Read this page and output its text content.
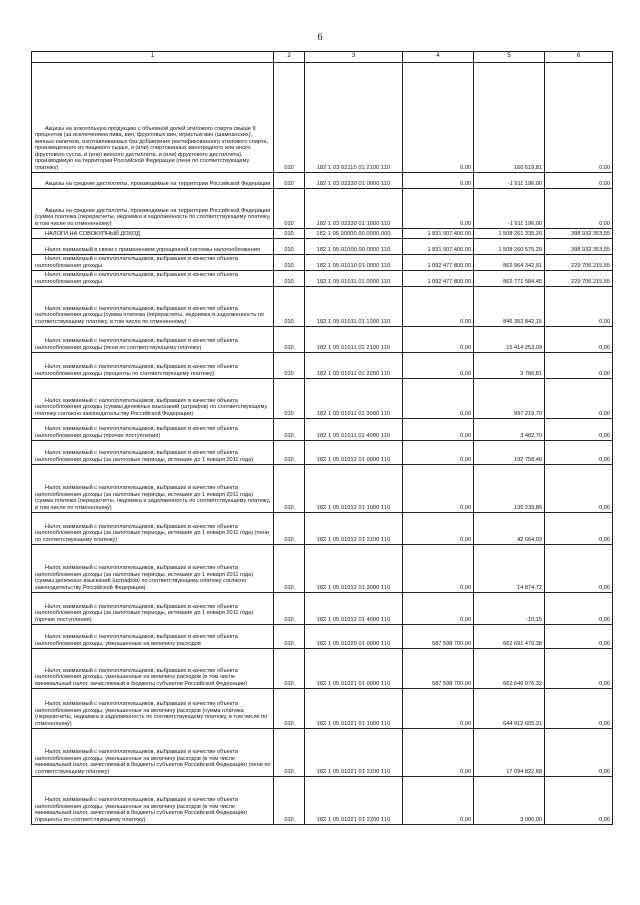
6
1	2	3	4	5	6

Акцизы на алкогольную продукцию с объемной долей этилового спирта свыше 9 процентов (за исключением пива, вин, фруктовых вин, игристых вин (шампанских), винных напитков, изготавливаемых без добавления ректификованного этилового спирта, произведенного из пищевого сырья, и (или) спиртованных виноградного или иного фруктового сусла, и (или) винного дистиллята, и (или) фруктового дистиллята), производимую на территории Российской Федерации (пени по соответствующему платежу)	010	182 1 03 02110 01 2100 110	0,00	160 619,81	0,00

Акцизы на средние дистилляты, производимые на территории Российской Федерации	010	182 1 03 02330 01 0000 110	0,00	-1 911 196,00	0,00

Акцизы на средние дистилляты, производимые на территории Российской Федерации (сумма платежа (перерасчеты, недоимка и задолженность по соответствующему платежу, в том числе по отмененному)	010	182 1 03 02330 01 1000 110	0,00	-1 911 196,00	0,00

НАЛОГИ НА СОВОКУПНЫЙ ДОХОД	010	182 1 05 00000 00 0000 000	1 831 907 400,00	1 508 261 335,20	398 932 353,55

Налог, взимаемый в связи с применением упрощенной системы налогообложения	010	182 1 05 01000 00 0000 110	1 831 907 400,00	1 508 260 575,29	398 932 353,55

Налог, взимаемый с налогоплательщиков, выбравших в качестве объекта налогообложения доходы	010	182 1 05 01010 01 0000 110	1 092 477 800,00	862 964 342,91	229 706 215,55

Налог, взимаемый с налогоплательщиков, выбравших в качестве объекта налогообложения доходы	010	182 1 05 01011 01 0000 110	1 092 477 800,00	862 771 584,45	229 706 215,55

Налог, взимаемый с налогоплательщиков, выбравших в качестве объекта налогообложения доходы (сумма платежа (перерасчеты, недоимка и задолженность по соответствующему платежу, в том числе по отмененному)	010	182 1 05 01011 01 1000 110	0,00	846 352 842,15	0,00

Налог, взимаемый с налогоплательщиков, выбравших в качестве объекта налогообложения доходы (пени по соответствующему платежу)	010	182 1 05 01011 01 2100 110	0,00	15 414 253,09	0,00

Налог, взимаемый с налогоплательщиков, выбравших в качестве объекта налогообложения доходы (проценты по соответствующему платежу)	010	182 1 05 01011 01 2200 110	0,00	3 766,81	0,00

Налог, взимаемый с налогоплательщиков, выбравших в качестве объекта налогообложения доходы (суммы денежных взысканий (штрафов) по соответствующему платежу согласно законодательству Российской Федерации)	010	182 1 05 01011 01 3000 110	0,00	997 219,70	0,00

Налог, взимаемый с налогоплательщиков, выбравших в качестве объекта налогообложения доходы (прочие поступления)	010	182 1 05 01011 01 4000 110	0,00	3 482,70	0,00

Налог, взимаемый с налогоплательщиков, выбравших в качестве объекта налогообложения доходы (за налоговые периоды, истекшие до 1 января 2011 года)	010	182 1 05 01012 01 0000 110	0,00	192 758,46	0,00

Налог, взимаемый с налогоплательщиков, выбравших в качестве объекта налогообложения доходы (за налоговые периоды, истекшие до 1 января 2011 года) (сумма платежа (перерасчеты, недоимка и задолженность по соответствующему платежу, в том числе по отмененному)	010	182 1 05 01012 01 1000 110	0,00	135 239,86	0,00

Налог, взимаемый с налогоплательщиков, выбравших в качестве объекта налогообложения доходы (за налоговые периоды, истекшие до 1 января 2011 года) (пени по соответствующему платежу)	010	182 1 05 01012 01 2100 110	0,00	42 664,03	0,00

Налог, взимаемый с налогоплательщиков, выбравших в качестве объекта налогообложения доходы (за налоговые периоды, истекшие до 1 января 2011 года) (суммы денежных взысканий (штрафов) по соответствующему платежу согласно законодательству Российской Федерации)	010	182 1 05 01012 01 3000 110	0,00	14 874,72	0,00

Налог, взимаемый с налогоплательщиков, выбравших в качестве объекта налогообложения доходы (за налоговые периоды, истекшие до 1 января 2011 года) (прочие поступления)	010	182 1 05 01012 01 4000 110	0,00	-10,15	0,00

Налог, взимаемый с налогоплательщиков, выбравших в качестве объекта налогообложения доходы, уменьшенные на величину расходов	010	182 1 05 01020 01 0000 110	587 598 700,00	662 691 470,38	0,00

Налог, взимаемый с налогоплательщиков, выбравших в качестве объекта налогообложения доходы, уменьшенные на величину расходов (в том числе минимальный налог, зачисляемый в бюджеты субъектов Российской Федерации)	010	182 1 05 01021 01 0000 110	587 598 700,00	662 646 076,32	0,00

Налог, взимаемый с налогоплательщиков, выбравших в качестве объекта налогообложения доходы, уменьшенные на величину расходов (сумма платежа (перерасчеты, недоимка и задолженность по соответствующему платежу, в том числе по отмененному)	010	182 1 05 01021 01 1000 110	0,00	644 912 605,31	0,00

Налог, взимаемый с налогоплательщиков, выбравших в качестве объекта налогообложения доходы, уменьшенные на величину расходов (в том числе минимальный налог, зачисляемый в бюджеты субъектов Российской Федерации) (пени по соответствующему платежу)	010	182 1 05 01021 01 2100 110	0,00	17 094 822,68	0,00

Налог, взимаемый с налогоплательщиков, выбравших в качестве объекта налогообложения доходы, уменьшенные на величину расходов (в том числе минимальный налог, зачисляемый в бюджеты субъектов Российской Федерации) (проценты по соответствующему платежу)	010	182 1 05 01021 01 2200 110	0,00	3 000,00	0,00
